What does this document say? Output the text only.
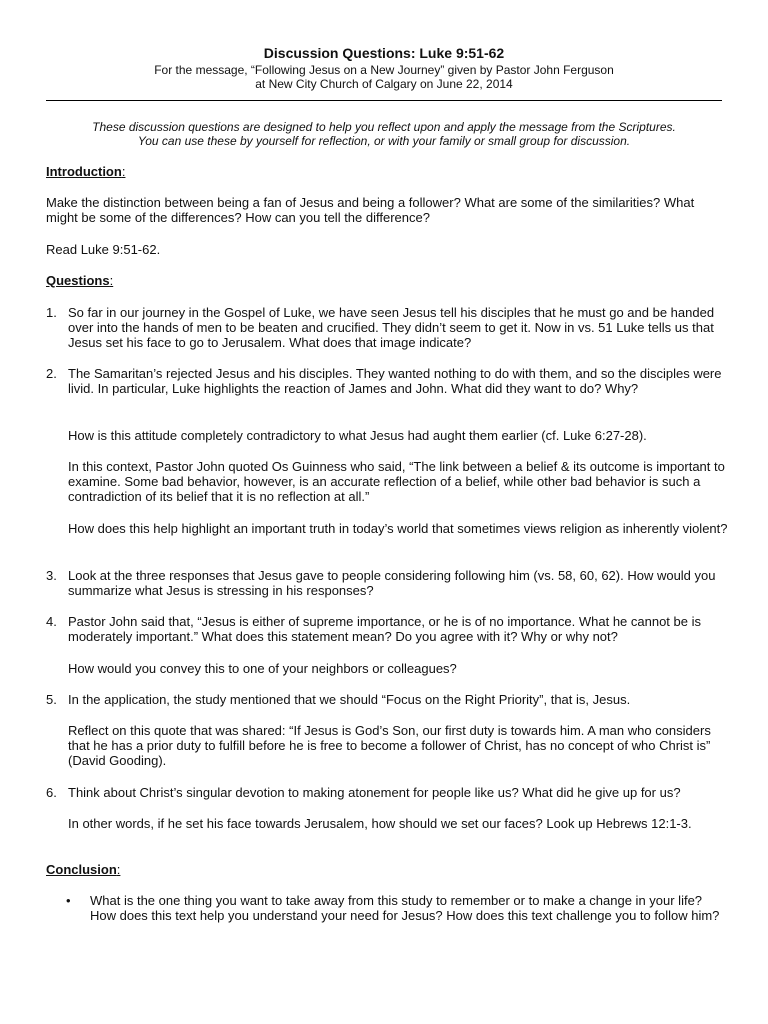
Discussion Questions: Luke 9:51-62
For the message, “Following Jesus on a New Journey” given by Pastor John Ferguson
at New City Church of Calgary on June 22, 2014
These discussion questions are designed to help you reflect upon and apply the message from the Scriptures.
You can use these by yourself for reflection, or with your family or small group for discussion.
Introduction:
Make the distinction between being a fan of Jesus and being a follower? What are some of the similarities? What might be some of the differences? How can you tell the difference?
Read Luke 9:51-62.
Questions:
1. So far in our journey in the Gospel of Luke, we have seen Jesus tell his disciples that he must go and be handed over into the hands of men to be beaten and crucified. They didn’t seem to get it. Now in vs. 51 Luke tells us that Jesus set his face to go to Jerusalem. What does that image indicate?
2. The Samaritan’s rejected Jesus and his disciples. They wanted nothing to do with them, and so the disciples were livid. In particular, Luke highlights the reaction of James and John. What did they want to do? Why?
How is this attitude completely contradictory to what Jesus had aught them earlier (cf. Luke 6:27-28).
In this context, Pastor John quoted Os Guinness who said, “The link between a belief & its outcome is important to examine. Some bad behavior, however, is an accurate reflection of a belief, while other bad behavior is such a contradiction of its belief that it is no reflection at all.”
How does this help highlight an important truth in today’s world that sometimes views religion as inherently violent?
3. Look at the three responses that Jesus gave to people considering following him (vs. 58, 60, 62). How would you summarize what Jesus is stressing in his responses?
4. Pastor John said that, “Jesus is either of supreme importance, or he is of no importance. What he cannot be is moderately important.” What does this statement mean? Do you agree with it? Why or why not?
How would you convey this to one of your neighbors or colleagues?
5. In the application, the study mentioned that we should “Focus on the Right Priority”, that is, Jesus.
Reflect on this quote that was shared: “If Jesus is God’s Son, our first duty is towards him. A man who considers that he has a prior duty to fulfill before he is free to become a follower of Christ, has no concept of who Christ is” (David Gooding).
6. Think about Christ’s singular devotion to making atonement for people like us? What did he give up for us?
In other words, if he set his face towards Jerusalem, how should we set our faces? Look up Hebrews 12:1-3.
Conclusion:
•	What is the one thing you want to take away from this study to remember or to make a change in your life? How does this text help you understand your need for Jesus? How does this text challenge you to follow him?
